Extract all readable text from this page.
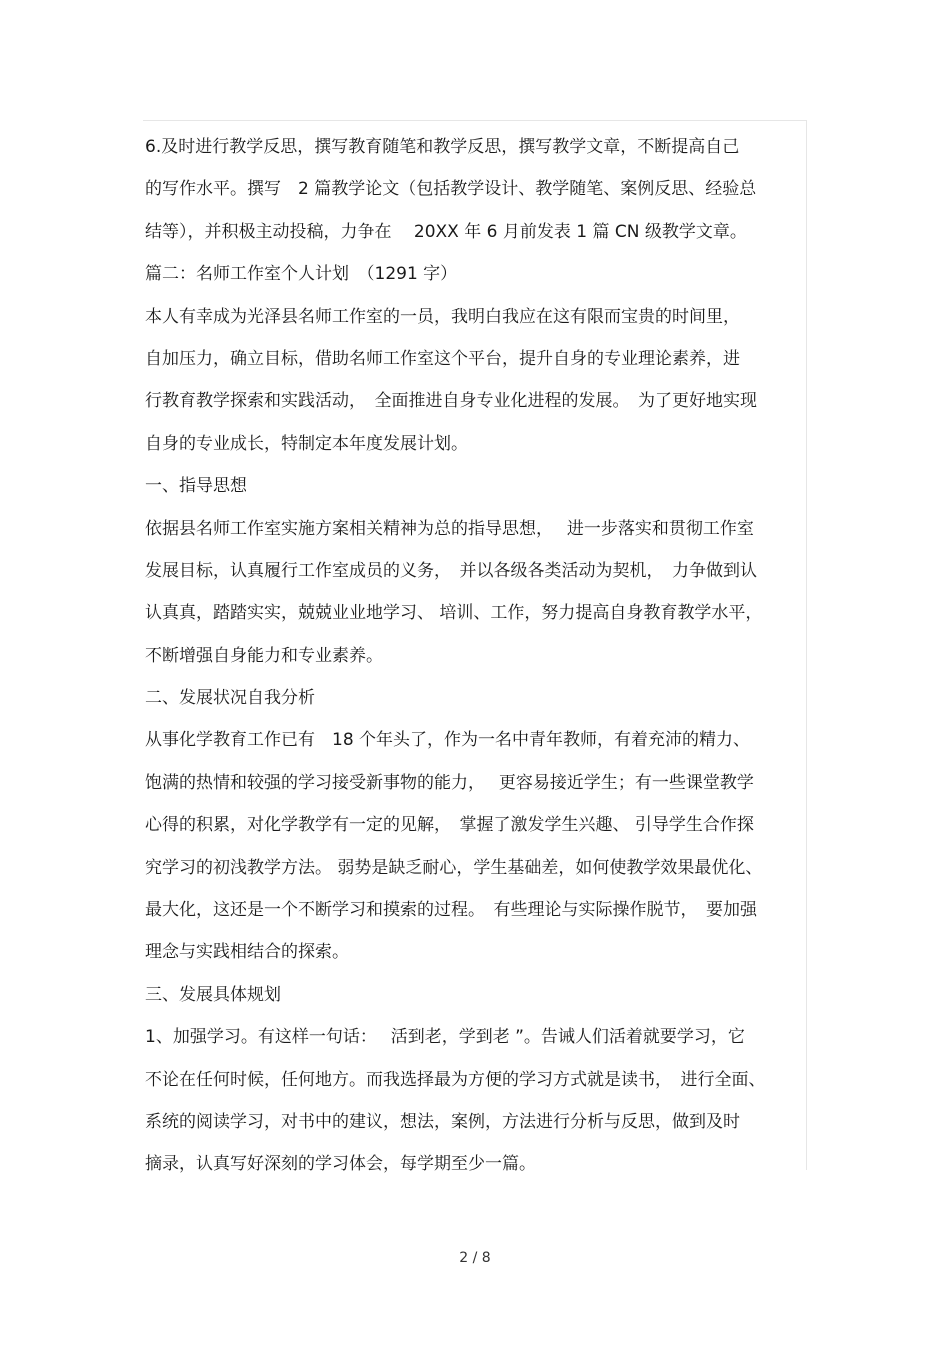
6.及时进行教学反思，撰写教育随笔和教学反思，撰写教学文章，不断提高自己
的写作水平。撰写　2 篇教学论文（包括教学设计、教学随笔、案例反思、经验总
结等），并积极主动投稿，力争在　 20XX 年 6 月前发表 1 篇 CN 级教学文章。
篇二：名师工作室个人计划　（1291 字）
本人有幸成为光泽县名师工作室的一员，我明白我应在这有限而宝贵的时间里，
自加压力，确立目标，借助名师工作室这个平台，提升自身的专业理论素养，进
行教育教学探索和实践活动，　全面推进自身专业化进程的发展。　为了更好地实现
自身的专业成长，特制定本年度发展计划。
一、指导思想
依据县名师工作室实施方案相关精神为总的指导思想，　 进一步落实和贯彻工作室
发展目标，认真履行工作室成员的义务，　并以各级各类活动为契机，　力争做到认
认真真，踏踏实实，兢兢业业地学习、 培训、工作，努力提高自身教育教学水平，
不断增强自身能力和专业素养。
二、发展状况自我分析
从事化学教育工作已有　18 个年头了，作为一名中青年教师，有着充沛的精力、
饱满的热情和较强的学习接受新事物的能力，　 更容易接近学生；有一些课堂教学
心得的积累，对化学教学有一定的见解，　掌握了激发学生兴趣、 引导学生合作探
究学习的初浅教学方法。 弱势是缺乏耐心，学生基础差，如何使教学效果最优化、
最大化，这还是一个不断学习和摸索的过程。　有些理论与实际操作脱节，　要加强
理念与实践相结合的探索。
三、发展具体规划
1、加强学习。有这样一句话：　 活到老，学到老 ”。告诫人们活着就要学习，它
不论在任何时候，任何地方。而我选择最为方便的学习方式就是读书，　进行全面、
系统的阅读学习，对书中的建议，想法，案例，方法进行分析与反思，做到及时
摘录，认真写好深刻的学习体会，每学期至少一篇。
2 / 8
